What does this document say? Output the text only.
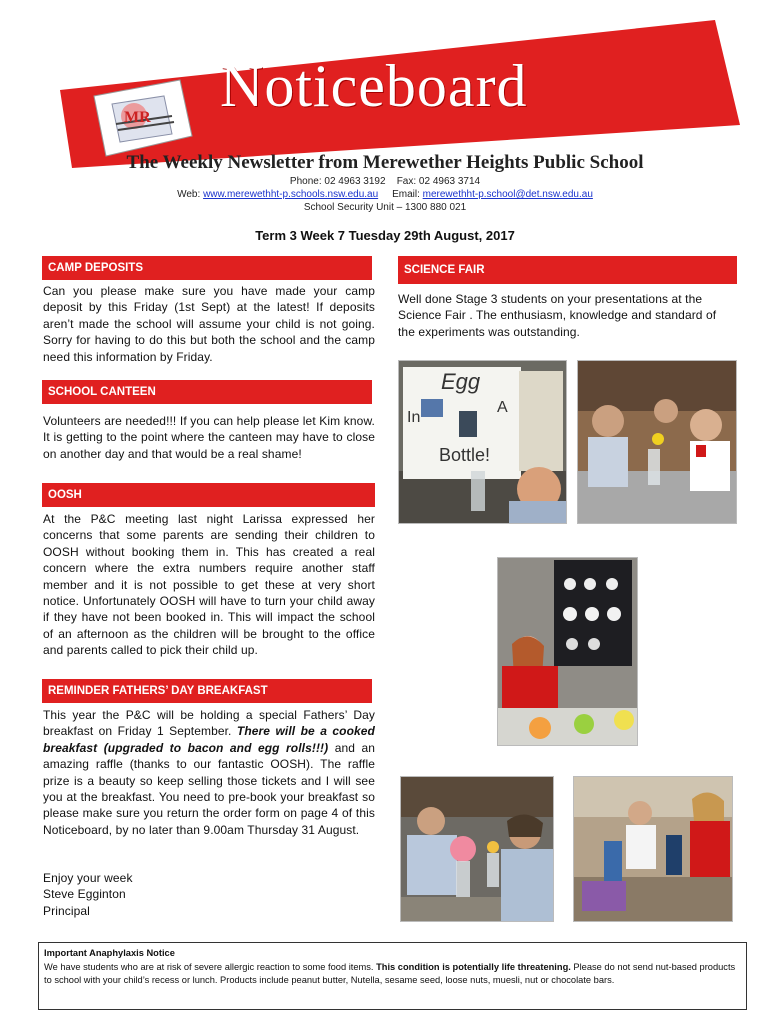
MR Noticeboard
The Weekly Newsletter from Merewether Heights Public School
Phone: 02 4963 3192 Fax: 02 4963 3714
Web: www.merewethht-p.schools.nsw.edu.au Email: merewethht-p.school@det.nsw.edu.au
School Security Unit – 1300 880 021
Term 3 Week 7 Tuesday 29th August, 2017
CAMP DEPOSITS
Can you please make sure you have made your camp deposit by this Friday (1st Sept) at the latest! If deposits aren’t made the school will assume your child is not going. Sorry for having to do this but both the school and the camp need this information by Friday.
SCHOOL CANTEEN
Volunteers are needed!!! If you can help please let Kim know. It is getting to the point where the canteen may have to close on another day and that would be a real shame!
OOSH
At the P&C meeting last night Larissa expressed her concerns that some parents are sending their children to OOSH without booking them in. This has created a real concern where the extra numbers require another staff member and it is not possible to get these at very short notice. Unfortunately OOSH will have to turn your child away if they have not been booked in. This will impact the school of an afternoon as the children will be brought to the office and parents called to pick their child up.
REMINDER FATHERS’ DAY BREAKFAST
This year the P&C will be holding a special Fathers’ Day breakfast on Friday 1 September. There will be a cooked breakfast (upgraded to bacon and egg rolls!!!) and an amazing raffle (thanks to our fantastic OOSH). The raffle prize is a beauty so keep selling those tickets and I will see you at the breakfast. You need to pre-book your breakfast so please make sure you return the order form on page 4 of this Noticeboard, by no later than 9.00am Thursday 31 August.
Enjoy your week
Steve Egginton
Principal
SCIENCE FAIR
Well done Stage 3 students on your presentations at the Science Fair . The enthusiasm, knowledge and standard of the experiments was outstanding.
Egg
In
A
Bottle!
Important Anaphylaxis Notice
We have students who are at risk of severe allergic reaction to some food items. This condition is potentially life threatening. Please do not send nut-based products to school with your child’s recess or lunch. Products include peanut butter, Nutella, sesame seed, loose nuts, muesli, nut or chocolate bars.
